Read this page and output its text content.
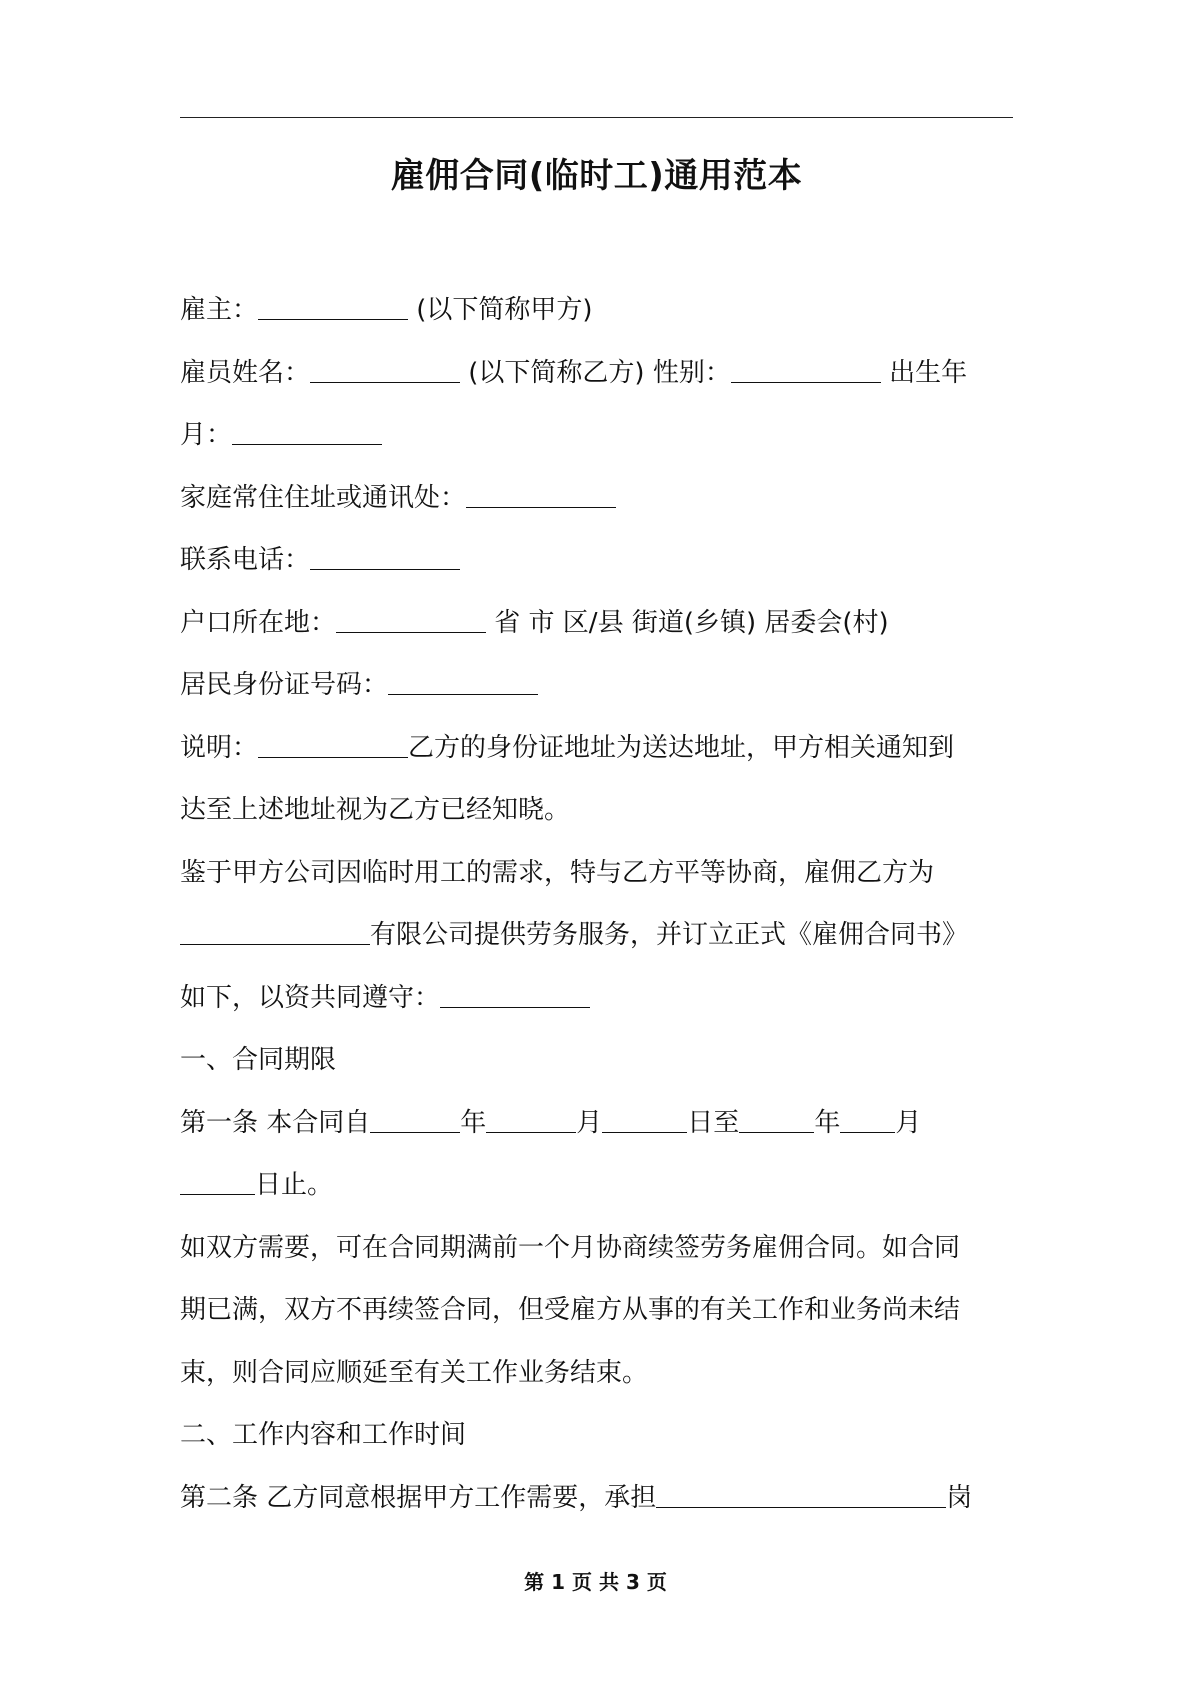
雇佣合同(临时工)通用范本
雇主：	(以下简称甲方)
雇员姓名：	(以下简称乙方) 性别：	出生年
月：
家庭常住住址或通讯处：
联系电话：
户口所在地：	省 市 区/县 街道(乡镇) 居委会(村)
居民身份证号码：
说明：	乙方的身份证地址为送达地址，甲方相关通知到
达至上述地址视为乙方已经知晓。
鉴于甲方公司因临时用工的需求，特与乙方平等协商，雇佣乙方为
有限公司提供劳务服务，并订立正式《雇佣合同书》
如下，以资共同遵守：
一、合同期限
第一条 本合同自	年	月	日至	年 月
日止。
如双方需要，可在合同期满前一个月协商续签劳务雇佣合同。如合同
期已满，双方不再续签合同，但受雇方从事的有关工作和业务尚未结
束，则合同应顺延至有关工作业务结束。
二、工作内容和工作时间
第二条 乙方同意根据甲方工作需要，承担	岗
第 1 页 共 3 页
